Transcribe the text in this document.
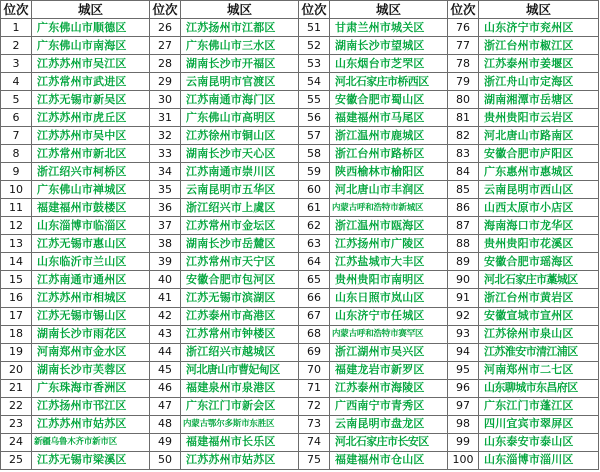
位次	城区	位次	城区	位次	城区	位次	城区
1	广东佛山市顺德区	26	江苏扬州市江都区	51	甘肃兰州市城关区	76	山东济宁市兖州区
2	广东佛山市南海区	27	广东佛山市三水区	52	湖南长沙市望城区	77	浙江台州市椒江区
3	江苏苏州市吴江区	28	湖南长沙市开福区	53	山东烟台市芝罘区	78	江苏泰州市姜堰区
4	江苏常州市武进区	29	云南昆明市官渡区	54	河北石家庄市桥西区	79	浙江舟山市定海区
5	江苏无锡市新吴区	30	江苏南通市海门区	55	安徽合肥市蜀山区	80	湖南湘潭市岳塘区
6	江苏苏州市虎丘区	31	广东佛山市高明区	56	福建福州市马尾区	81	贵州贵阳市云岩区
7	江苏苏州市吴中区	32	江苏徐州市铜山区	57	浙江温州市鹿城区	82	河北唐山市路南区
8	江苏常州市新北区	33	湖南长沙市天心区	58	浙江台州市路桥区	83	安徽合肥市庐阳区
9	浙江绍兴市柯桥区	34	江苏南通市崇川区	59	陕西榆林市榆阳区	84	广东惠州市惠城区
10	广东佛山市禅城区	35	云南昆明市五华区	60	河北唐山市丰润区	85	云南昆明市西山区
11	福建福州市鼓楼区	36	浙江绍兴市上虞区	61	内蒙古呼和浩特市新城区	86	山西太原市小店区
12	山东淄博市临淄区	37	江苏常州市金坛区	62	浙江温州市瓯海区	87	海南海口市龙华区
13	江苏无锡市惠山区	38	湖南长沙市岳麓区	63	江苏扬州市广陵区	88	贵州贵阳市花溪区
14	山东临沂市兰山区	39	江苏常州市天宁区	64	江苏盐城市大丰区	89	安徽合肥市瑶海区
15	江苏南通市通州区	40	安徽合肥市包河区	65	贵州贵阳市南明区	90	河北石家庄市藁城区
16	江苏苏州市相城区	41	江苏无锡市滨湖区	66	山东日照市岚山区	91	浙江台州市黄岩区
17	江苏无锡市锡山区	42	江苏泰州市高港区	67	山东济宁市任城区	92	安徽宣城市宣州区
18	湖南长沙市雨花区	43	江苏常州市钟楼区	68	内蒙古呼和浩特市赛罕区	93	江苏徐州市泉山区
19	河南郑州市金水区	44	浙江绍兴市越城区	69	浙江湖州市吴兴区	94	江苏淮安市清江浦区
20	湖南长沙市芙蓉区	45	河北唐山市曹妃甸区	70	福建龙岩市新罗区	95	河南郑州市二七区
21	广东珠海市香洲区	46	福建泉州市泉港区	71	江苏泰州市海陵区	96	山东聊城市东昌府区
22	江苏扬州市邗江区	47	广东江门市新会区	72	广西南宁市青秀区	97	广东江门市蓬江区
23	江苏苏州市姑苏区	48	内蒙古鄂尔多斯市东胜区	73	云南昆明市盘龙区	98	四川宜宾市翠屏区
24	新疆乌鲁木齐市新市区	49	福建福州市长乐区	74	河北石家庄市长安区	99	山东泰安市泰山区
25	江苏无锡市梁溪区	50	江苏苏州市姑苏区	75	福建福州市仓山区	100	山东淄博市淄川区
